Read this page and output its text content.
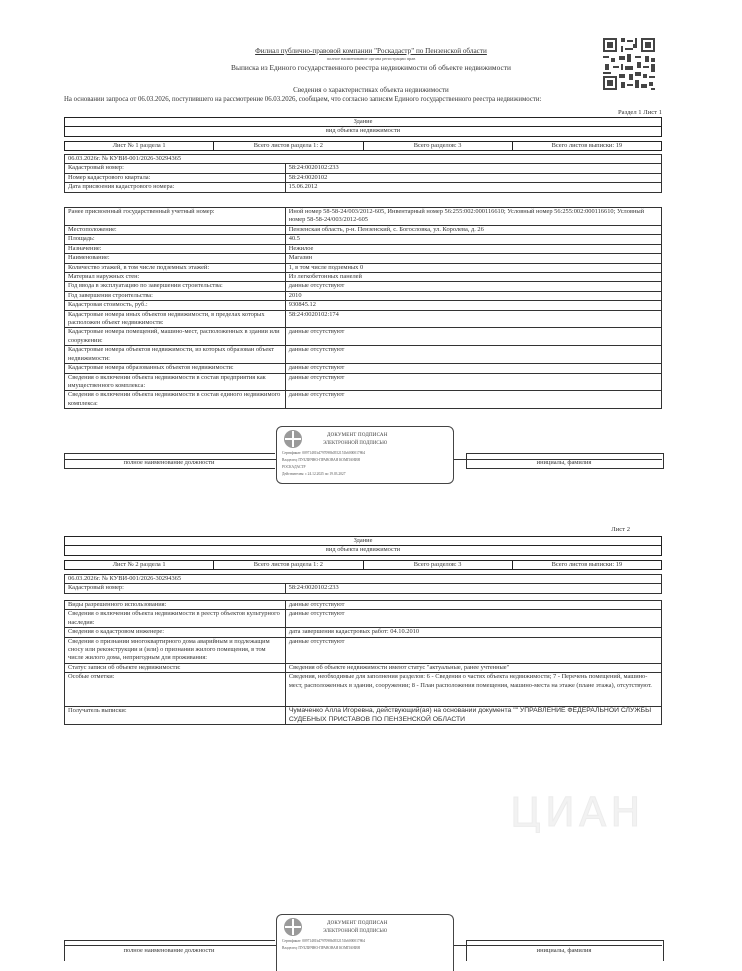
Филиал публично-правовой компании "Роскадастр" по Пензенской области
полное наименование органа регистрации прав
Выписка из Единого государственного реестра недвижимости об объекте недвижимости
Сведения о характеристиках объекта недвижимости
На основании запроса от 06.03.2026, поступившего на рассмотрение 06.03.2026, сообщаем, что согласно записям Единого государственного реестра недвижимости:
Раздел 1 Лист 1
Здание
вид объекта недвижимости
Лист № 1 раздела 1	Всего листов раздела 1: 2	Всего разделов: 3	Всего листов выписки: 19
06.03.2026г. № КУВИ-001/2026-30294365	
Кадастровый номер:	58:24:0020102:233
Номер кадастрового квартала:	58:24:0020102
Дата присвоения кадастрового номера:	15.06.2012
Ранее присвоенный государственный учетный номер:	Иной номер 58-58-24/003/2012-605, Инвентарный номер 56:255:002:000116610; Условный номер 56:255:002:000116610; Условный номер 58-58-24/003/2012-605
Местоположение:	Пензенская область, р-н. Пензенский, с. Богословка, ул. Королева, д. 26
Площадь:	40.5
Назначение:	Нежилое
Наименование:	Магазин
Количество этажей, в том числе подземных этажей:	1, в том числе подземных 0
Материал наружных стен:	Из легкобетонных панелей
Год ввода в эксплуатацию по завершении строительства:	данные отсутствуют
Год завершения строительства:	2010
Кадастровая стоимость, руб.:	930845.12
Кадастровые номера иных объектов недвижимости, в пределах которых расположен объект недвижимости:	58:24:0020102:174
Кадастровые номера помещений, машино-мест, расположенных в здании или сооружении:	данные отсутствуют
Кадастровые номера объектов недвижимости, из которых образован объект недвижимости:	данные отсутствуют
Кадастровые номера образованных объектов недвижимости:	данные отсутствуют
Сведения о включении объекта недвижимости в состав предприятия как имущественного комплекса:	данные отсутствуют
Сведения о включении объекта недвижимости в состав единого недвижимого комплекса:	данные отсутствуют
полное наименование должности	инициалы, фамилия
ДОКУМЕНТ ПОДПИСАН
ЭЛЕКТРОННОЙ ПОДПИСЬЮ
Сертификат: 00971481b4797098b0552151b6000017864
Владелец: ПУБЛИЧНО-ПРАВОВАЯ КОМПАНИЯ
РОСКАДАСТР
Действителен: с 24.12.2025 по 19.03.2027
Лист 2
Здание
вид объекта недвижимости
Лист № 2 раздела 1	Всего листов раздела 1: 2	Всего разделов: 3	Всего листов выписки: 19
06.03.2026г. № КУВИ-001/2026-30294365
Кадастровый номер:	58:24:0020102:233
Виды разрешенного использования:	данные отсутствуют
Сведения о включении объекта недвижимости в реестр объектов культурного наследия:	данные отсутствуют
Сведения о кадастровом инженере:	дата завершения кадастровых работ: 04.10.2010
Сведения о признании многоквартирного дома аварийным и подлежащим сносу или реконструкции и (или) о признании жилого помещения, в том числе жилого дома, непригодным для проживания:	данные отсутствуют
Статус записи об объекте недвижимости:	Сведения об объекте недвижимости имеют статус "актуальные, ранее учтенные"
Особые отметки:	Сведения, необходимые для заполнения разделов: 6 - Сведения о частях объекта недвижимости; 7 - Перечень помещений, машино-мест, расположенных в здании, сооружении; 8 - План расположения помещения, машино-места на этаже (плане этажа), отсутствуют.
Получатель выписки:	Чумаченко Алла Игоревна, действующий(ая) на основании документа "" УПРАВЛЕНИЕ ФЕДЕРАЛЬНОЙ СЛУЖБЫ СУДЕБНЫХ ПРИСТАВОВ ПО ПЕНЗЕНСКОЙ ОБЛАСТИ
ЦИАН
полное наименование должности	инициалы, фамилия
ДОКУМЕНТ ПОДПИСАН
ЭЛЕКТРОННОЙ ПОДПИСЬЮ
Сертификат: 00971481b4797098b0552151b6000017864
Владелец: ПУБЛИЧНО-ПРАВОВАЯ КОМПАНИЯ
